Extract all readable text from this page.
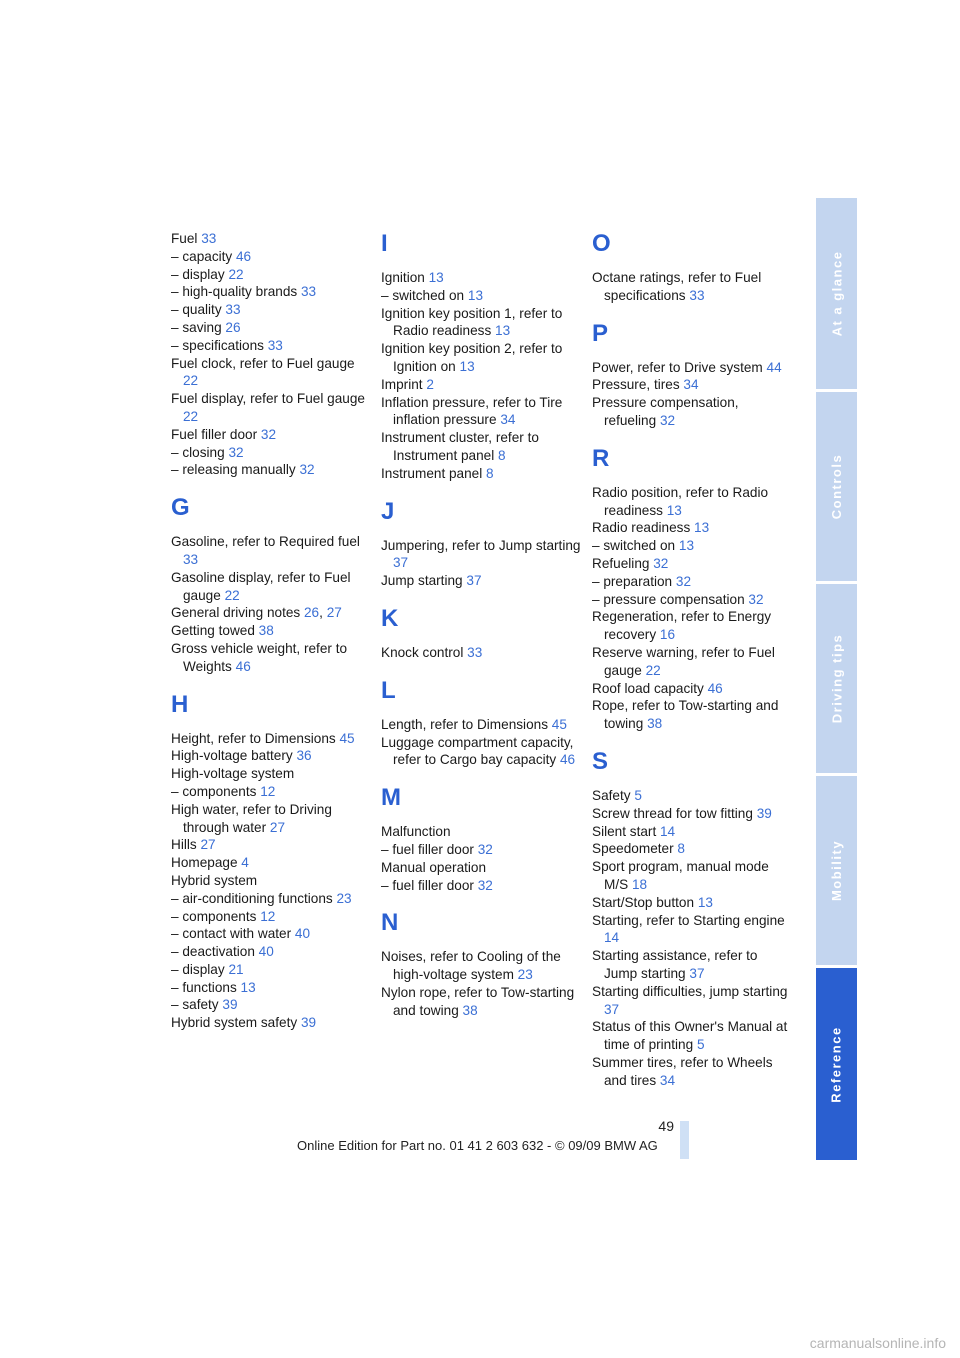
Fuel 33
– capacity 46
– display 22
– high-quality brands 33
– quality 33
– saving 26
– specifications 33
Fuel clock, refer to Fuel gauge 22
Fuel display, refer to Fuel gauge 22
Fuel filler door 32
– closing 32
– releasing manually 32
G
Gasoline, refer to Required fuel 33
Gasoline display, refer to Fuel gauge 22
General driving notes 26, 27
Getting towed 38
Gross vehicle weight, refer to Weights 46
H
Height, refer to Dimensions 45
High-voltage battery 36
High-voltage system
– components 12
High water, refer to Driving through water 27
Hills 27
Homepage 4
Hybrid system
– air-conditioning functions 23
– components 12
– contact with water 40
– deactivation 40
– display 21
– functions 13
– safety 39
Hybrid system safety 39
I
Ignition 13
– switched on 13
Ignition key position 1, refer to Radio readiness 13
Ignition key position 2, refer to Ignition on 13
Imprint 2
Inflation pressure, refer to Tire inflation pressure 34
Instrument cluster, refer to Instrument panel 8
Instrument panel 8
J
Jumpering, refer to Jump starting 37
Jump starting 37
K
Knock control 33
L
Length, refer to Dimensions 45
Luggage compartment capacity, refer to Cargo bay capacity 46
M
Malfunction
– fuel filler door 32
Manual operation
– fuel filler door 32
N
Noises, refer to Cooling of the high-voltage system 23
Nylon rope, refer to Tow-starting and towing 38
O
Octane ratings, refer to Fuel specifications 33
P
Power, refer to Drive system 44
Pressure, tires 34
Pressure compensation, refueling 32
R
Radio position, refer to Radio readiness 13
Radio readiness 13
– switched on 13
Refueling 32
– preparation 32
– pressure compensation 32
Regeneration, refer to Energy recovery 16
Reserve warning, refer to Fuel gauge 22
Roof load capacity 46
Rope, refer to Tow-starting and towing 38
S
Safety 5
Screw thread for tow fitting 39
Silent start 14
Speedometer 8
Sport program, manual mode M/S 18
Start/Stop button 13
Starting, refer to Starting engine 14
Starting assistance, refer to Jump starting 37
Starting difficulties, jump starting 37
Status of this Owner's Manual at time of printing 5
Summer tires, refer to Wheels and tires 34
At a glance
Controls
Driving tips
Mobility
Reference
49
Online Edition for Part no. 01 41 2 603 632 - © 09/09 BMW AG
carmanualsonline.info
